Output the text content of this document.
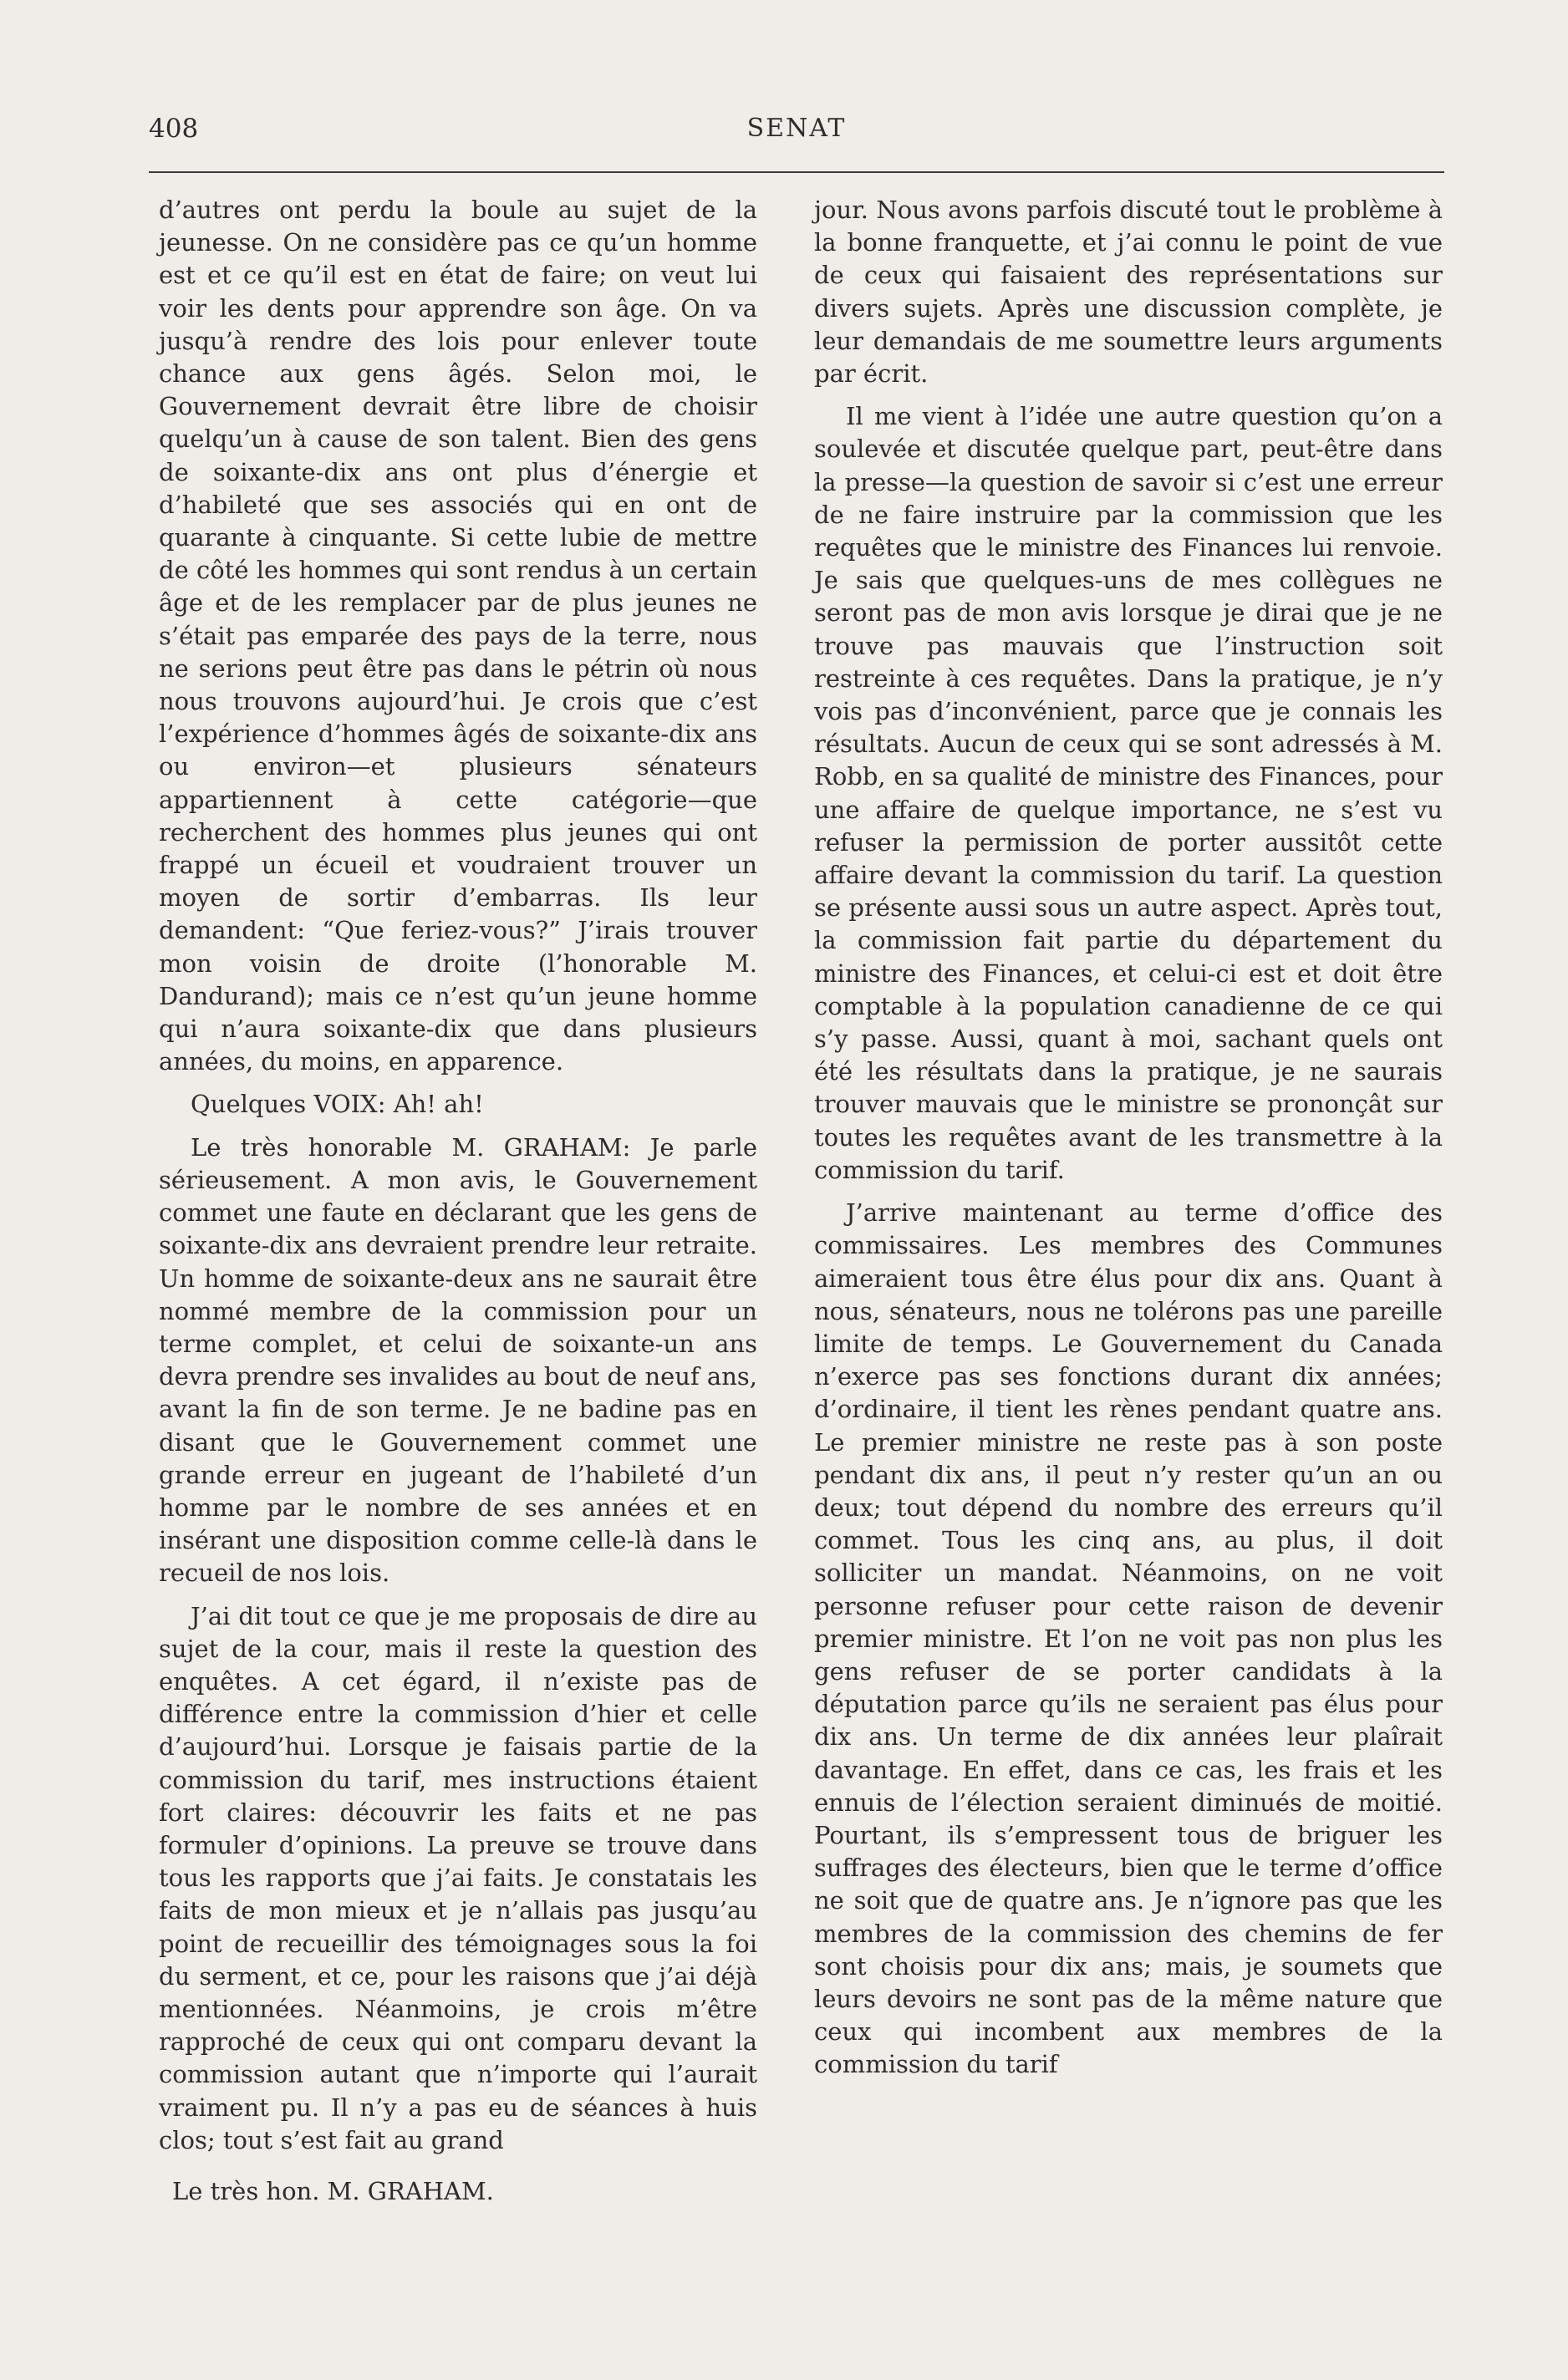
408	SENAT

d’autres ont perdu la boule au sujet de la jeunesse. On ne considère pas ce qu’un homme est et ce qu’il est en état de faire; on veut lui voir les dents pour apprendre son âge. On va jusqu’à rendre des lois pour enlever toute chance aux gens âgés. Selon moi, le Gouvernement devrait être libre de choisir quelqu’un à cause de son talent. Bien des gens de soixante-dix ans ont plus d’énergie et d’habileté que ses associés qui en ont de quarante à cinquante. Si cette lubie de mettre de côté les hommes qui sont rendus à un certain âge et de les remplacer par de plus jeunes ne s’était pas emparée des pays de la terre, nous ne serions peut être pas dans le pétrin où nous nous trouvons aujourd’hui. Je crois que c’est l’expérience d’hommes âgés de soixante-dix ans ou environ—et plusieurs sénateurs appartiennent à cette catégorie—que recherchent des hommes plus jeunes qui ont frappé un écueil et voudraient trouver un moyen de sortir d’embarras. Ils leur demandent: “Que feriez-vous?” J’irais trouver mon voisin de droite (l’honorable M. Dandurand); mais ce n’est qu’un jeune homme qui n’aura soixante-dix que dans plusieurs années, du moins, en apparence.

Quelques VOIX: Ah! ah!

Le très honorable M. GRAHAM: Je parle sérieusement. A mon avis, le Gouvernement commet une faute en déclarant que les gens de soixante-dix ans devraient prendre leur retraite. Un homme de soixante-deux ans ne saurait être nommé membre de la commission pour un terme complet, et celui de soixante-un ans devra prendre ses invalides au bout de neuf ans, avant la fin de son terme. Je ne badine pas en disant que le Gouvernement commet une grande erreur en jugeant de l’habileté d’un homme par le nombre de ses années et en insérant une disposition comme celle-là dans le recueil de nos lois.

J’ai dit tout ce que je me proposais de dire au sujet de la cour, mais il reste la question des enquêtes. A cet égard, il n’existe pas de différence entre la commission d’hier et celle d’aujourd’hui. Lorsque je faisais partie de la commission du tarif, mes instructions étaient fort claires: découvrir les faits et ne pas formuler d’opinions. La preuve se trouve dans tous les rapports que j’ai faits. Je constatais les faits de mon mieux et je n’allais pas jusqu’au point de recueillir des témoignages sous la foi du serment, et ce, pour les raisons que j’ai déjà mentionnées. Néanmoins, je crois m’être rapproché de ceux qui ont comparu devant la commission autant que n’importe qui l’aurait vraiment pu. Il n’y a pas eu de séances à huis clos; tout s’est fait au grand

jour. Nous avons parfois discuté tout le problème à la bonne franquette, et j’ai connu le point de vue de ceux qui faisaient des représentations sur divers sujets. Après une discussion complète, je leur demandais de me soumettre leurs arguments par écrit.

Il me vient à l’idée une autre question qu’on a soulevée et discutée quelque part, peut-être dans la presse—la question de savoir si c’est une erreur de ne faire instruire par la commission que les requêtes que le ministre des Finances lui renvoie. Je sais que quelques-uns de mes collègues ne seront pas de mon avis lorsque je dirai que je ne trouve pas mauvais que l’instruction soit restreinte à ces requêtes. Dans la pratique, je n’y vois pas d’inconvénient, parce que je connais les résultats. Aucun de ceux qui se sont adressés à M. Robb, en sa qualité de ministre des Finances, pour une affaire de quelque importance, ne s’est vu refuser la permission de porter aussitôt cette affaire devant la commission du tarif. La question se présente aussi sous un autre aspect. Après tout, la commission fait partie du département du ministre des Finances, et celui-ci est et doit être comptable à la population canadienne de ce qui s’y passe. Aussi, quant à moi, sachant quels ont été les résultats dans la pratique, je ne saurais trouver mauvais que le ministre se prononçât sur toutes les requêtes avant de les transmettre à la commission du tarif.

J’arrive maintenant au terme d’office des commissaires. Les membres des Communes aimeraient tous être élus pour dix ans. Quant à nous, sénateurs, nous ne tolérons pas une pareille limite de temps. Le Gouvernement du Canada n’exerce pas ses fonctions durant dix années; d’ordinaire, il tient les rènes pendant quatre ans. Le premier ministre ne reste pas à son poste pendant dix ans, il peut n’y rester qu’un an ou deux; tout dépend du nombre des erreurs qu’il commet. Tous les cinq ans, au plus, il doit solliciter un mandat. Néanmoins, on ne voit personne refuser pour cette raison de devenir premier ministre. Et l’on ne voit pas non plus les gens refuser de se porter candidats à la députation parce qu’ils ne seraient pas élus pour dix ans. Un terme de dix années leur plaîrait davantage. En effet, dans ce cas, les frais et les ennuis de l’élection seraient diminués de moitié. Pourtant, ils s’empressent tous de briguer les suffrages des électeurs, bien que le terme d’office ne soit que de quatre ans. Je n’ignore pas que les membres de la commission des chemins de fer sont choisis pour dix ans; mais, je soumets que leurs devoirs ne sont pas de la même nature que ceux qui incombent aux membres de la commission du tarif

Le très hon. M. GRAHAM.
